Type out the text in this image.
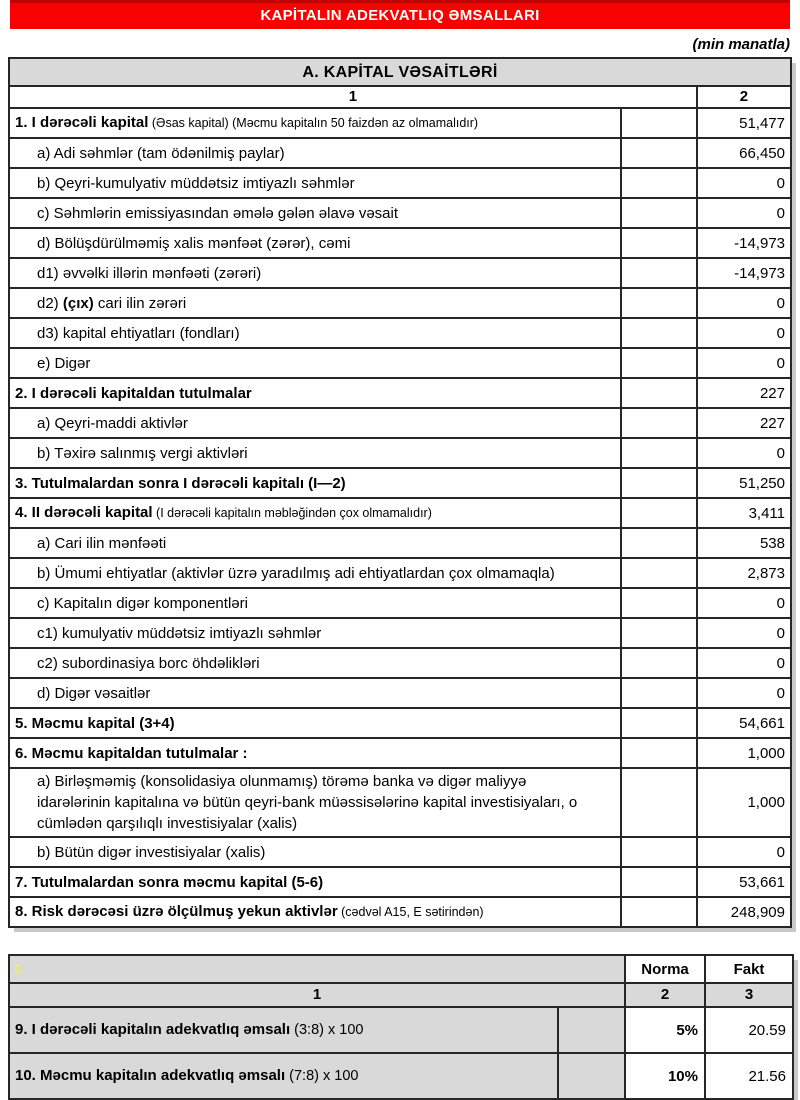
KAPİTALIN ADEKVATLIQ ƏMSALLARI
(min manatla)
A. KAPİTAL VƏSAİTLƏRİ		
1		2
1. I dərəcəli kapital (Əsas kapital) (Məcmu kapitalın 50 faizdən az olmamalıdır)		51,477
a) Adi səhmlər (tam ödənilmiş paylar)		66,450
b) Qeyri-kumulyativ müddətsiz imtiyazlı səhmlər		0
c) Səhmlərin emissiyasından əmələ gələn əlavə vəsait		0
d) Bölüşdürülməmiş xalis mənfəət (zərər), cəmi		-14,973
d1) əvvəlki illərin mənfəəti (zərəri)		-14,973
d2) (çıx) cari ilin zərəri		0
d3) kapital ehtiyatları (fondları)		0
e) Digər		0
2. I dərəcəli kapitaldan tutulmalar		227
a) Qeyri-maddi aktivlər		227
b) Təxirə salınmış vergi aktivləri		0
3. Tutulmalardan sonra I dərəcəli kapitalı (I—2)		51,250
4. II dərəcəli kapital (I dərəcəli kapitalın məbləğindən çox olmamalıdır)		3,411
a) Cari ilin mənfəəti		538
b) Ümumi ehtiyatlar (aktivlər üzrə yaradılmış adi ehtiyatlardan çox olmamaqla)		2,873
c) Kapitalın digər komponentləri		0
c1) kumulyativ müddətsiz imtiyazlı səhmlər		0
c2) subordinasiya borc öhdəlikləri		0
d) Digər vəsaitlər		0
5. Məcmu kapital (3+4)		54,661
6. Məcmu kapitaldan tutulmalar :		1,000
a) Birləşməmiş (konsolidasiya olunmamış) törəmə banka və digər maliyyə idarələrinin kapitalına və bütün qeyri-bank müəssisələrinə kapital investisiyaları, o cümlədən qarşılıqlı investisiyalar (xalis)		1,000
b) Bütün digər investisiyalar (xalis)		0
7. Tutulmalardan sonra məcmu kapital (5-6)		53,661
8. Risk dərəcəsi üzrə ölçülmuş yekun aktivlər (cədvəl A15, E sətirindən)		248,909
0		Norma	Fakt
1		2	3
9. I dərəcəli kapitalın adekvatlıq əmsalı (3:8) x 100		5%	20.59
10. Məcmu kapitalın adekvatlıq əmsalı (7:8) x 100		10%	21.56
